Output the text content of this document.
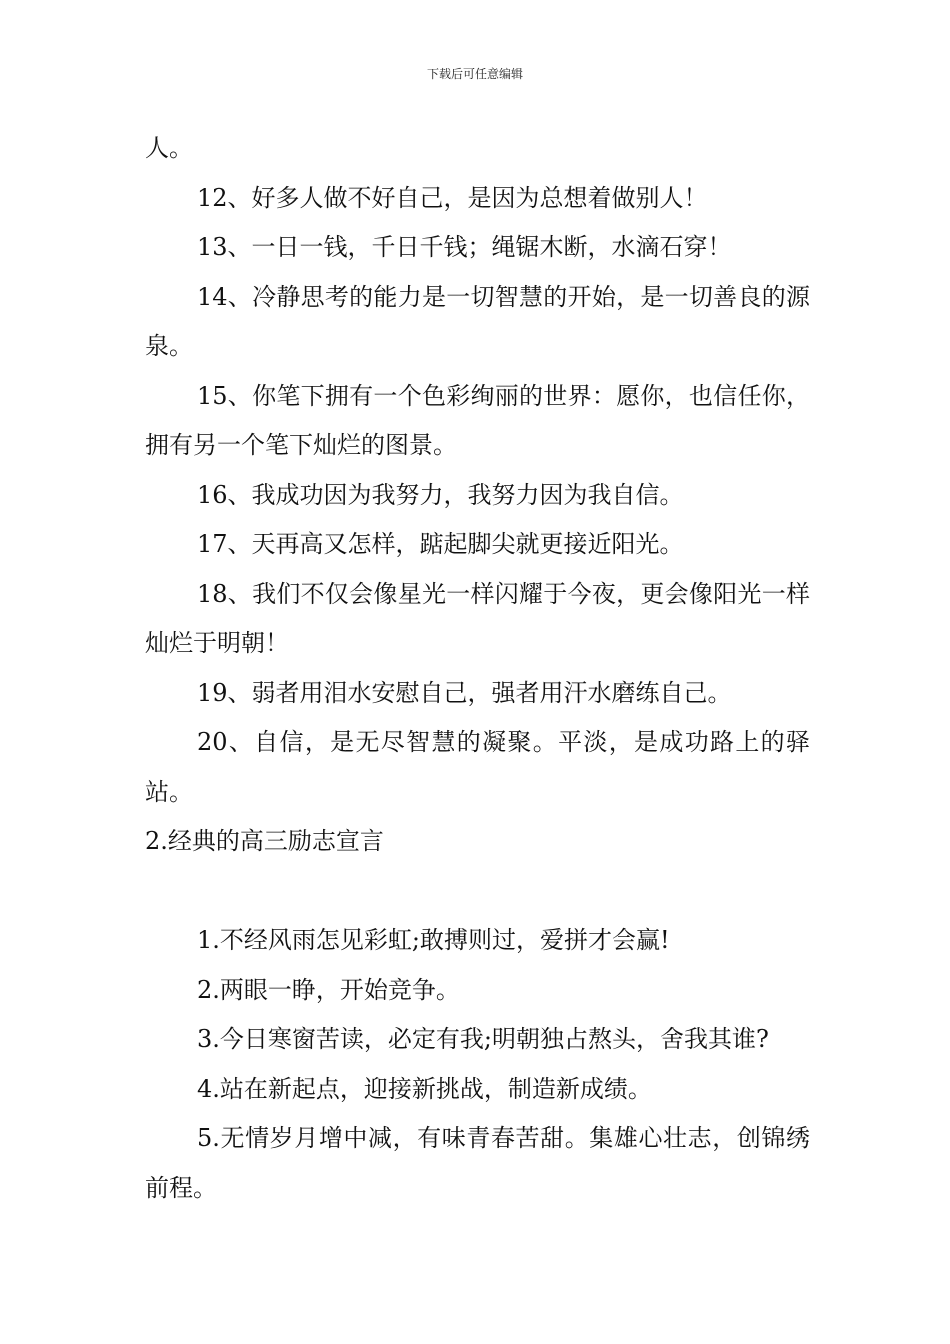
下载后可任意编辑

人。

12、好多人做不好自己，是因为总想着做别人！

13、一日一钱，千日千钱；绳锯木断，水滴石穿！

14、冷静思考的能力是一切智慧的开始，是一切善良的源泉。

15、你笔下拥有一个色彩绚丽的世界：愿你，也信任你，拥有另一个笔下灿烂的图景。

16、我成功因为我努力，我努力因为我自信。

17、天再高又怎样，踮起脚尖就更接近阳光。

18、我们不仅会像星光一样闪耀于今夜，更会像阳光一样灿烂于明朝！

19、弱者用泪水安慰自己，强者用汗水磨练自己。

20、自信，是无尽智慧的凝聚。平淡，是成功路上的驿站。

2.经典的高三励志宣言

1.不经风雨怎见彩虹;敢搏则过，爱拼才会赢!

2.两眼一睁，开始竞争。

3.今日寒窗苦读，必定有我;明朝独占熬头，舍我其谁?

4.站在新起点，迎接新挑战，制造新成绩。

5.无情岁月增中减，有味青春苦甜。集雄心壮志，创锦绣前程。
